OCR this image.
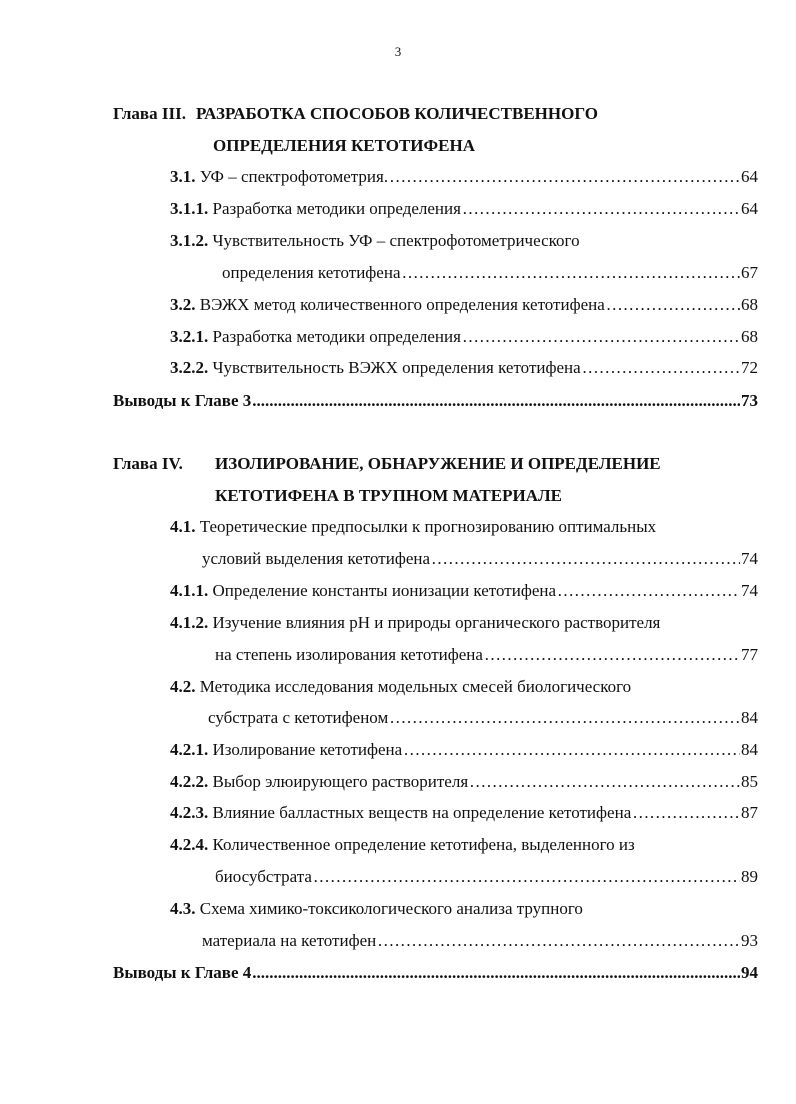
3
Глава III. РАЗРАБОТКА СПОСОБОВ КОЛИЧЕСТВЕННОГО
ОПРЕДЕЛЕНИЯ КЕТОТИФЕНА
3.1. УФ – спектрофотометрия. …………………………………………………………………………………………………………………………………………………………………………………………………………	64
3.1.1. Разработка методики определения …………………………………………………………………………………………………………………………………………………………………………………………………………	64
3.1.2. Чувствительность УФ – спектрофотометрического
определения кетотифена …………………………………………………………………………………………………………………………………………………………………………………………………………	67
3.2. ВЭЖХ метод количественного определения кетотифена …………………………………………………………………………………………………………………………………………………………………………………………………………	68
3.2.1. Разработка методики определения …………………………………………………………………………………………………………………………………………………………………………………………………………	68
3.2.2. Чувствительность ВЭЖХ определения кетотифена …………………………………………………………………………………………………………………………………………………………………………………………………………	72
Выводы к Главе 3 .....	73
Глава IV. ИЗОЛИРОВАНИЕ, ОБНАРУЖЕНИЕ И ОПРЕДЕЛЕНИЕ
КЕТОТИФЕНА В ТРУПНОМ МАТЕРИАЛЕ
4.1. Теоретические предпосылки к прогнозированию оптимальных
условий выделения кетотифена …………………………………………………………………………………………………………………………………………………………………………………………………………	74
4.1.1. Определение константы ионизации кетотифена …………………………………………………………………………………………………………………………………………………………………………………………………………	74
4.1.2. Изучение влияния рН и природы органического растворителя
на степень изолирования кетотифена …………………………………………………………………………………………………………………………………………………………………………………………………………	77
4.2. Методика исследования модельных смесей биологического
субстрата с кетотифеном …………………………………………………………………………………………………………………………………………………………………………………………………………	84
4.2.1. Изолирование кетотифена …………………………………………………………………………………………………………………………………………………………………………………………………………	84
4.2.2. Выбор элюирующего растворителя …………………………………………………………………………………………………………………………………………………………………………………………………………	85
4.2.3. Влияние балластных веществ на определение кетотифена …………………………………………………………………………………………………………………………………………………………………………………………………………	87
4.2.4. Количественное определение кетотифена, выделенного из
биосубстрата …………………………………………………………………………………………………………………………………………………………………………………………………………	89
4.3. Схема химико-токсикологического анализа трупного
материала на кетотифен …………………………………………………………………………………………………………………………………………………………………………………………………………	93
Выводы к Главе 4 .....	94
